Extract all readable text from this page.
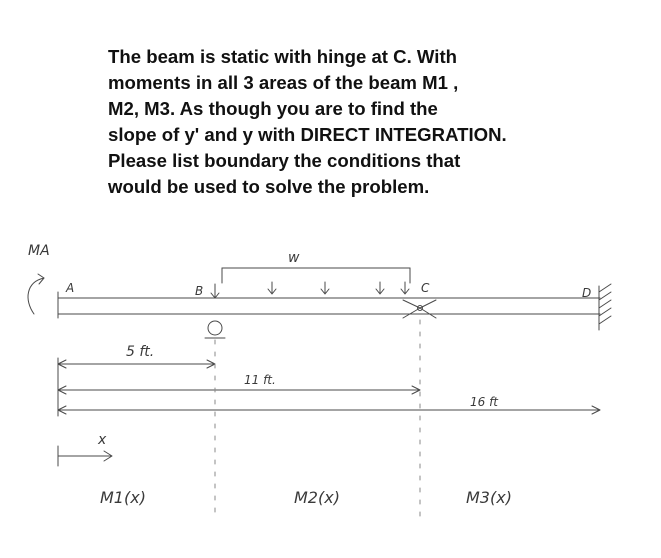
The beam is static with hinge at C. With
moments in all 3 areas of the beam M1 ,
M2, M3. As though you are to find the
slope of y' and y with DIRECT INTEGRATION.
Please list boundary the conditions that
would be used to solve the problem.

MA
A	B	C	D
w
5 ft.
11 ft.
16 ft
x
M1(x)	M2(x)	M3(x)
